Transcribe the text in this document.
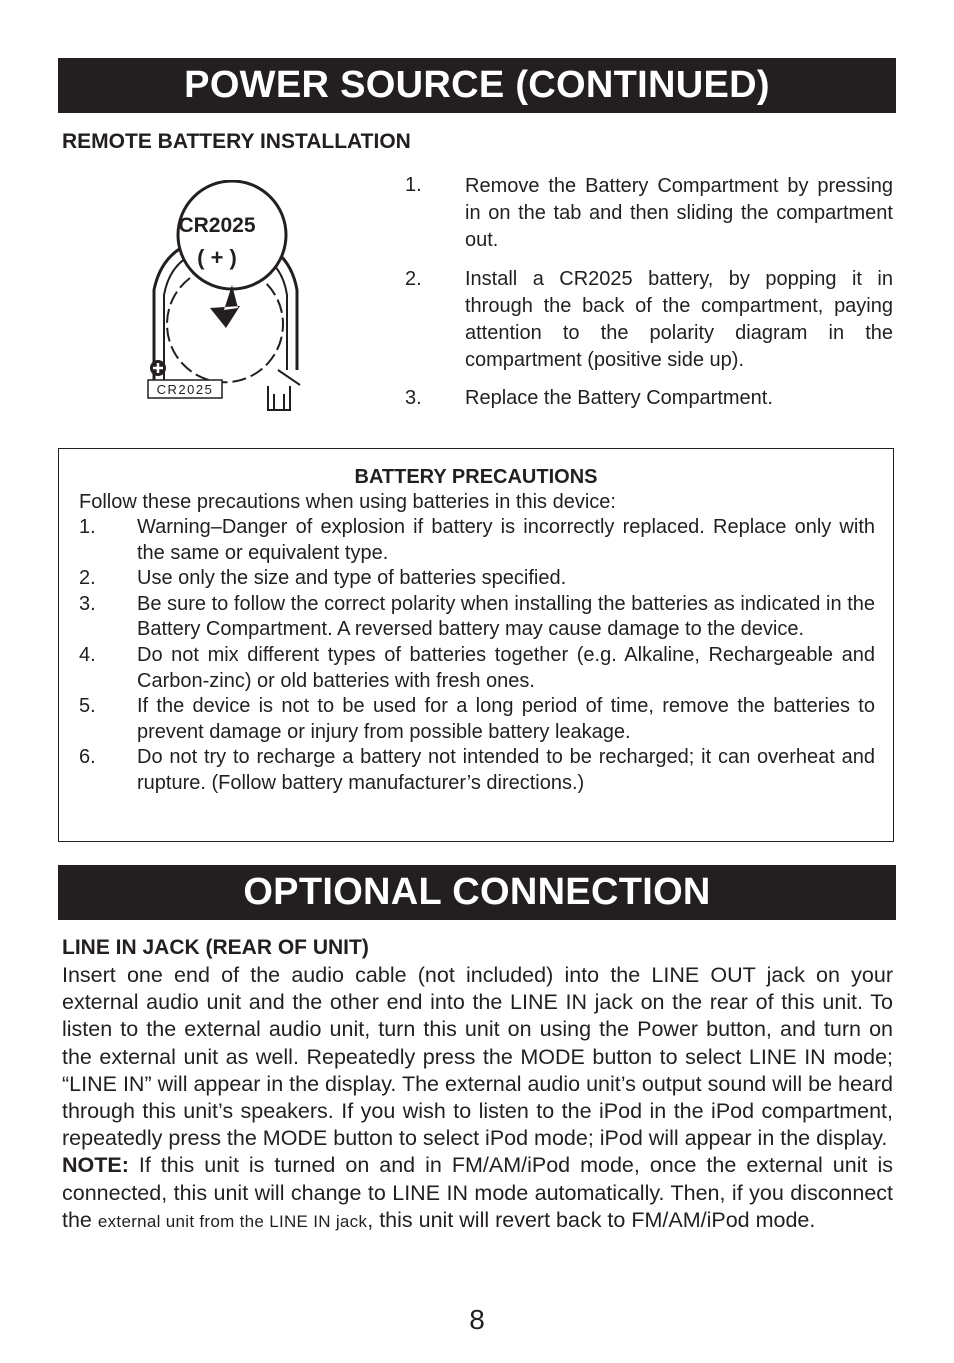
POWER SOURCE (CONTINUED)
REMOTE BATTERY INSTALLATION
CR2025
( + )
CR2025
1. Remove the Battery Compartment by pressing in on the tab and then sliding the compartment out.
2. Install a CR2025 battery, by popping it in through the back of the compartment, paying attention to the polarity diagram in the compartment (positive side up).
3. Replace the Battery Compartment.
BATTERY PRECAUTIONS
Follow these precautions when using batteries in this device:
1. Warning–Danger of explosion if battery is incorrectly replaced. Replace only with the same or equivalent type.
2. Use only the size and type of batteries specified.
3. Be sure to follow the correct polarity when installing the batteries as indicated in the Battery Compartment. A reversed battery may cause damage to the device.
4. Do not mix different types of batteries together (e.g. Alkaline, Rechargeable and Carbon-zinc) or old batteries with fresh ones.
5. If the device is not to be used for a long period of time, remove the batteries to prevent damage or injury from possible battery leakage.
6. Do not try to recharge a battery not intended to be recharged; it can overheat and rupture. (Follow battery manufacturer’s directions.)
OPTIONAL CONNECTION
LINE IN JACK (REAR OF UNIT)

Insert one end of the audio cable (not included) into the LINE OUT jack on your external audio unit and the other end into the LINE IN jack on the rear of this unit. To listen to the external audio unit, turn this unit on using the Power button, and turn on the external unit as well. Repeatedly press the MODE button to select LINE IN mode; “LINE IN” will appear in the display. The external audio unit’s output sound will be heard through this unit’s speakers. If you wish to listen to the iPod in the iPod compartment, repeatedly press the MODE button to select iPod mode; iPod will appear in the display.

NOTE: If this unit is turned on and in FM/AM/iPod mode, once the external unit is connected, this unit will change to LINE IN mode automatically. Then, if you disconnect the external unit from the LINE IN jack, this unit will revert back to FM/AM/iPod mode.

8
